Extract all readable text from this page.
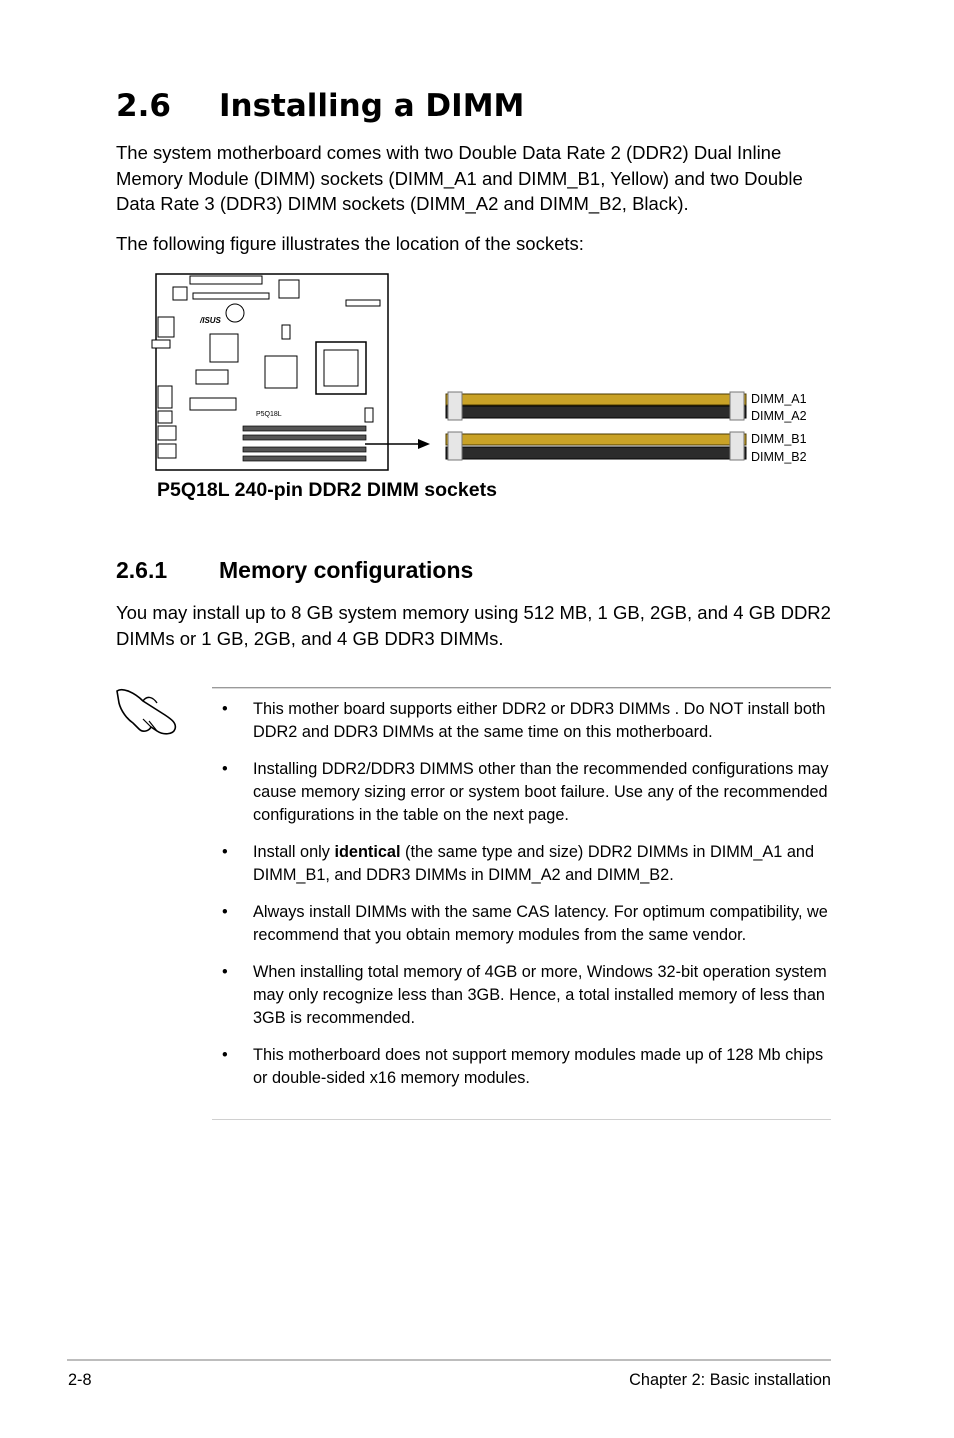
2.6 Installing a DIMM

The system motherboard comes with two Double Data Rate 2 (DDR2) Dual Inline Memory Module (DIMM) sockets (DIMM_A1 and DIMM_B1, Yellow) and two Double Data Rate 3 (DDR3) DIMM sockets (DIMM_A2 and DIMM_B2, Black).

The following figure illustrates the location of the sockets:

/ISUS
P5Q18L
DIMM_A1
DIMM_A2
DIMM_B1
DIMM_B2

P5Q18L 240-pin DDR2 DIMM sockets

2.6.1 Memory configurations

You may install up to 8 GB system memory using 512 MB, 1 GB, 2GB, and 4 GB DDR2 DIMMs or 1 GB, 2GB, and 4 GB DDR3 DIMMs.

• This mother board supports either DDR2 or DDR3 DIMMs . Do NOT install both DDR2 and DDR3 DIMMs at the same time on this motherboard.
• Installing DDR2/DDR3 DIMMS other than the recommended configurations may cause memory sizing error or system boot failure. Use any of the recommended configurations in the table on the next page.
• Install only identical (the same type and size) DDR2 DIMMs in DIMM_A1 and DIMM_B1, and DDR3 DIMMs in DIMM_A2 and DIMM_B2.
• Always install DIMMs with the same CAS latency. For optimum compatibility, we recommend that you obtain memory modules from the same vendor.
• When installing total memory of 4GB or more, Windows 32-bit operation system may only recognize less than 3GB. Hence, a total installed memory of less than 3GB is recommended.
• This motherboard does not support memory modules made up of 128 Mb chips or double-sided x16 memory modules.

2-8	Chapter 2: Basic installation
